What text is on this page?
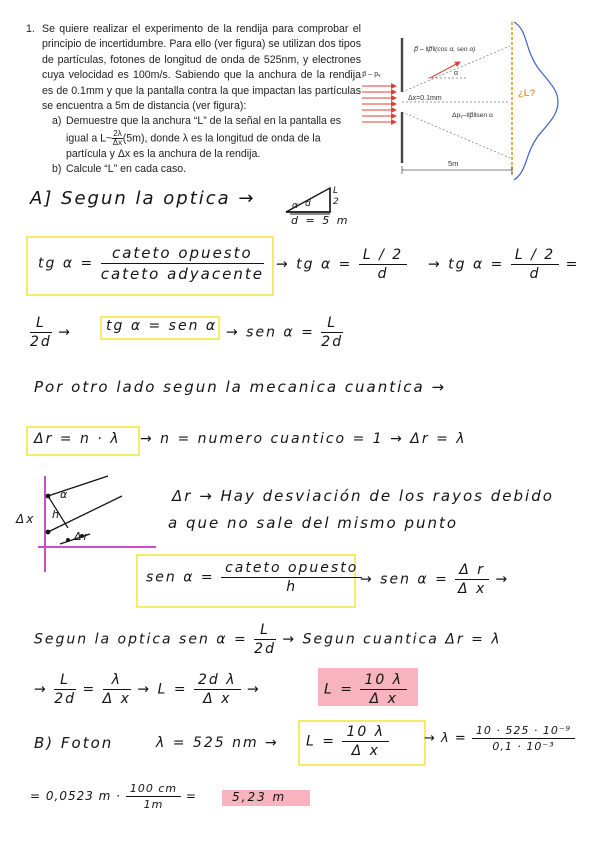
1. Se quiere realizar el experimento de la rendija para comprobar el principio de incertidumbre. Para ello (ver figura) se utilizan dos tipos de partículas, fotones de longitud de onda de 525nm, y electrones cuya velocidad es 100m/s. Sabiendo que la anchura de la rendija es de 0.1mm y que la pantalla contra la que impactan las partículas se encuentra a 5m de distancia (ver figura):
a) Demuestre que la anchura “L” de la señal en la pantalla es igual a L~ $\frac{2\lambda}{\Delta x} (5m)$, donde λ es la longitud de onda de la partícula y Δx es la anchura de la rendija.
b) Calcule “L” en cada caso.
p⃗ – pᵧ
Δx=0.1mm
p⃗ – ‖p⃗‖(cos α, sen α)
α
Δpᵧ–‖p⃗‖sen α
¿L?
5m
A] Segun la optica →	L
2
α d
d = 5 m
tg α =
cateto opuesto
cateto adyacente
→ tg $\alpha = \frac{L / 2}{d}$ → tg $\alpha = \frac{L / 2}{d}$ =
$\frac{L}{2d}$ → tg α = sen α → sen $\alpha = \frac{L}{2d}$
Por otro lado segun la mecanica cuantica →
Δr = n · λ → n = numero cuantico = 1 → Δr = λ
Δx
α
h
Δr
Δr → Hay desviación de los rayos debido
a que no sale del mismo punto
sen α =
cateto opuesto
h	→ sen $\alpha = \frac{\text{Δ r}}{\text{Δ x}}$ →
Segun la optica sen $\alpha = \frac{L}{2d}$ → Segun cuantica Δr = λ
→ $\frac{L}{2d} = \frac{\lambda}{\text{Δ x}} \to L = \frac{\text{2d λ}}{\text{Δ x}}$ →	$L = \frac{10 \lambda}{\text{Δ x}}$
B) Foton	λ = 525 nm → $L = \frac{10 \lambda}{\text{Δ x}}$	→ $\lambda = \frac{\text{10 · 525 · 10⁻⁹}}{\text{0,1 · 10⁻³}}$
= 0,0523 $m \cdot \frac{100 cm}{1m}$ =	5,23 m
